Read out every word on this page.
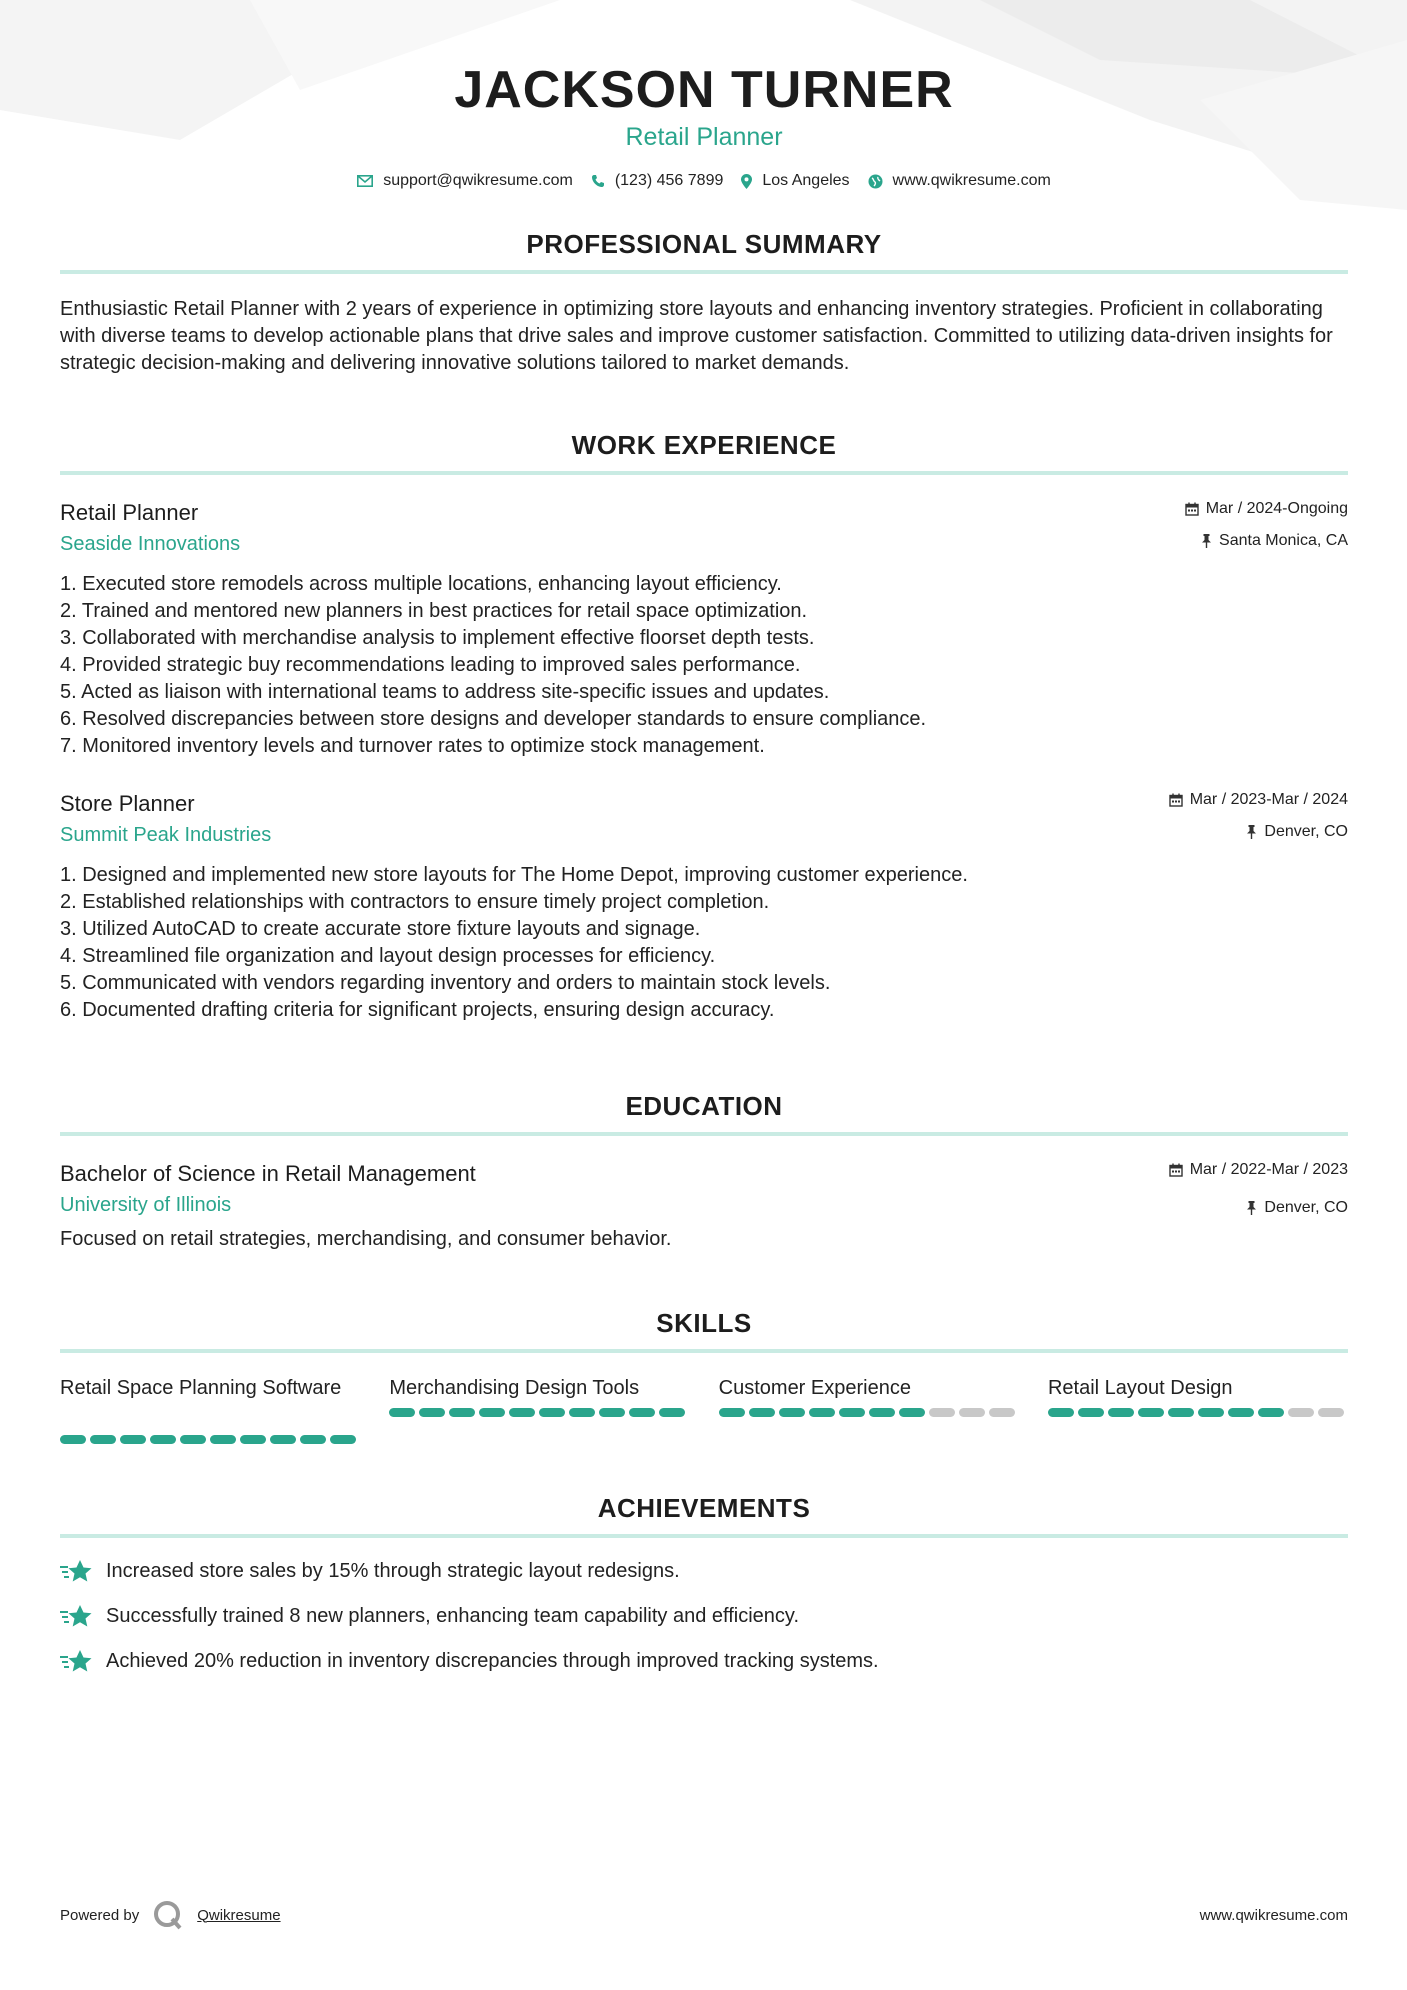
JACKSON TURNER
Retail Planner
support@qwikresume.com	(123) 456 7899 Los Angeles	www.qwikresume.com
PROFESSIONAL SUMMARY
Enthusiastic Retail Planner with 2 years of experience in optimizing store layouts and enhancing inventory strategies. Proficient in collaborating with diverse teams to develop actionable plans that drive sales and improve customer satisfaction. Committed to utilizing data-driven insights for strategic decision-making and delivering innovative solutions tailored to market demands.
WORK EXPERIENCE
Retail Planner
Seaside Innovations
Mar / 2024-Ongoing
Santa Monica, CA
1. Executed store remodels across multiple locations, enhancing layout efficiency.
2. Trained and mentored new planners in best practices for retail space optimization.
3. Collaborated with merchandise analysis to implement effective floorset depth tests.
4. Provided strategic buy recommendations leading to improved sales performance.
5. Acted as liaison with international teams to address site-specific issues and updates.
6. Resolved discrepancies between store designs and developer standards to ensure compliance.
7. Monitored inventory levels and turnover rates to optimize stock management.
Store Planner
Summit Peak Industries
Mar / 2023-Mar / 2024
Denver, CO
1. Designed and implemented new store layouts for The Home Depot, improving customer experience.
2. Established relationships with contractors to ensure timely project completion.
3. Utilized AutoCAD to create accurate store fixture layouts and signage.
4. Streamlined file organization and layout design processes for efficiency.
5. Communicated with vendors regarding inventory and orders to maintain stock levels.
6. Documented drafting criteria for significant projects, ensuring design accuracy.
EDUCATION
Bachelor of Science in Retail Management
University of Illinois
Mar / 2022-Mar / 2023
Denver, CO
Focused on retail strategies, merchandising, and consumer behavior.
SKILLS
Retail Space Planning Software	Merchandising Design Tools	Customer Experience	Retail Layout Design
ACHIEVEMENTS
Increased store sales by 15% through strategic layout redesigns.
Successfully trained 8 new planners, enhancing team capability and efficiency.
Achieved 20% reduction in inventory discrepancies through improved tracking systems.
Powered by	Qwikresume	www.qwikresume.com
